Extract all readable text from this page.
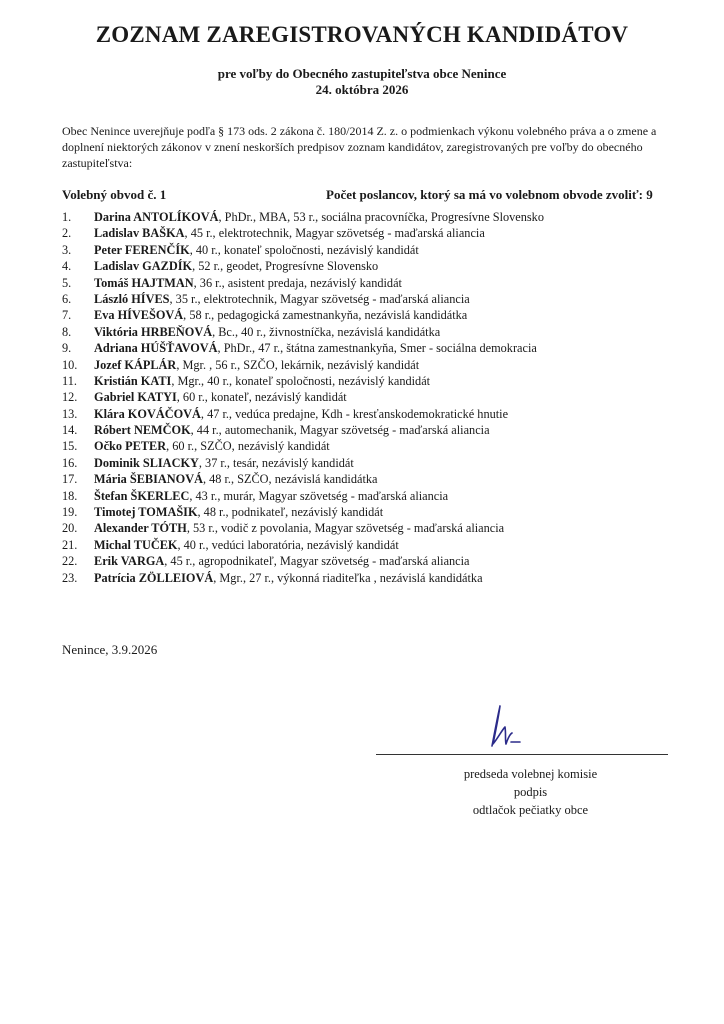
ZOZNAM ZAREGISTROVANÝCH KANDIDÁTOV
pre voľby do Obecného zastupiteľstva obce Nenince
24. októbra 2026
Obec Nenince uverejňuje podľa § 173 ods. 2 zákona č. 180/2014 Z. z. o podmienkach výkonu volebného práva a o zmene a doplnení niektorých zákonov v znení neskorších predpisov zoznam kandidátov, zaregistrovaných pre voľby do obecného zastupiteľstva:
Volebný obvod č. 1	Počet poslancov, ktorý sa má vo volebnom obvode zvoliť: 9
1. Darina ANTOLÍKOVÁ, PhDr., MBA, 53 r., sociálna pracovníčka, Progresívne Slovensko
2. Ladislav BAŠKA, 45 r., elektrotechnik, Magyar szövetség - maďarská aliancia
3. Peter FERENČÍK, 40 r., konateľ spoločnosti, nezávislý kandidát
4. Ladislav GAZDÍK, 52 r., geodet, Progresívne Slovensko
5. Tomáš HAJTMAN, 36 r., asistent predaja, nezávislý kandidát
6. László HÍVES, 35 r., elektrotechnik, Magyar szövetség - maďarská aliancia
7. Eva HÍVEŠOVÁ, 58 r., pedagogická zamestnankyňa, nezávislá kandidátka
8. Viktória HRBEŇOVÁ, Bc., 40 r., živnostníčka, nezávislá kandidátka
9. Adriana HÚŠŤAVOVÁ, PhDr., 47 r., štátna zamestnankyňa, Smer - sociálna demokracia
10. Jozef KÁPLÁR, Mgr. , 56 r., SZČO, lekárnik, nezávislý kandidát
11. Kristián KATI, Mgr., 40 r., konateľ spoločnosti, nezávislý kandidát
12. Gabriel KATYI, 60 r., konateľ, nezávislý kandidát
13. Klára KOVÁČOVÁ, 47 r., vedúca predajne, Kdh - kresťanskodemokratické hnutie
14. Róbert NEMČOK, 44 r., automechanik, Magyar szövetség - maďarská aliancia
15. Očko PETER, 60 r., SZČO, nezávislý kandidát
16. Dominik SLIACKY, 37 r., tesár, nezávislý kandidát
17. Mária ŠEBIANOVÁ, 48 r., SZČO, nezávislá kandidátka
18. Štefan ŠKERLEC, 43 r., murár, Magyar szövetség - maďarská aliancia
19. Timotej TOMAŠIK, 48 r., podnikateľ, nezávislý kandidát
20. Alexander TÓTH, 53 r., vodič z povolania, Magyar szövetség - maďarská aliancia
21. Michal TUČEK, 40 r., vedúci laboratória, nezávislý kandidát
22. Erik VARGA, 45 r., agropodnikateľ, Magyar szövetség - maďarská aliancia
23. Patrícia ZÖLLEIOVÁ, Mgr., 27 r., výkonná riaditeľka , nezávislá kandidátka
Nenince, 3.9.2026
predseda volebnej komisie
podpis
odtlačok pečiatky obce
